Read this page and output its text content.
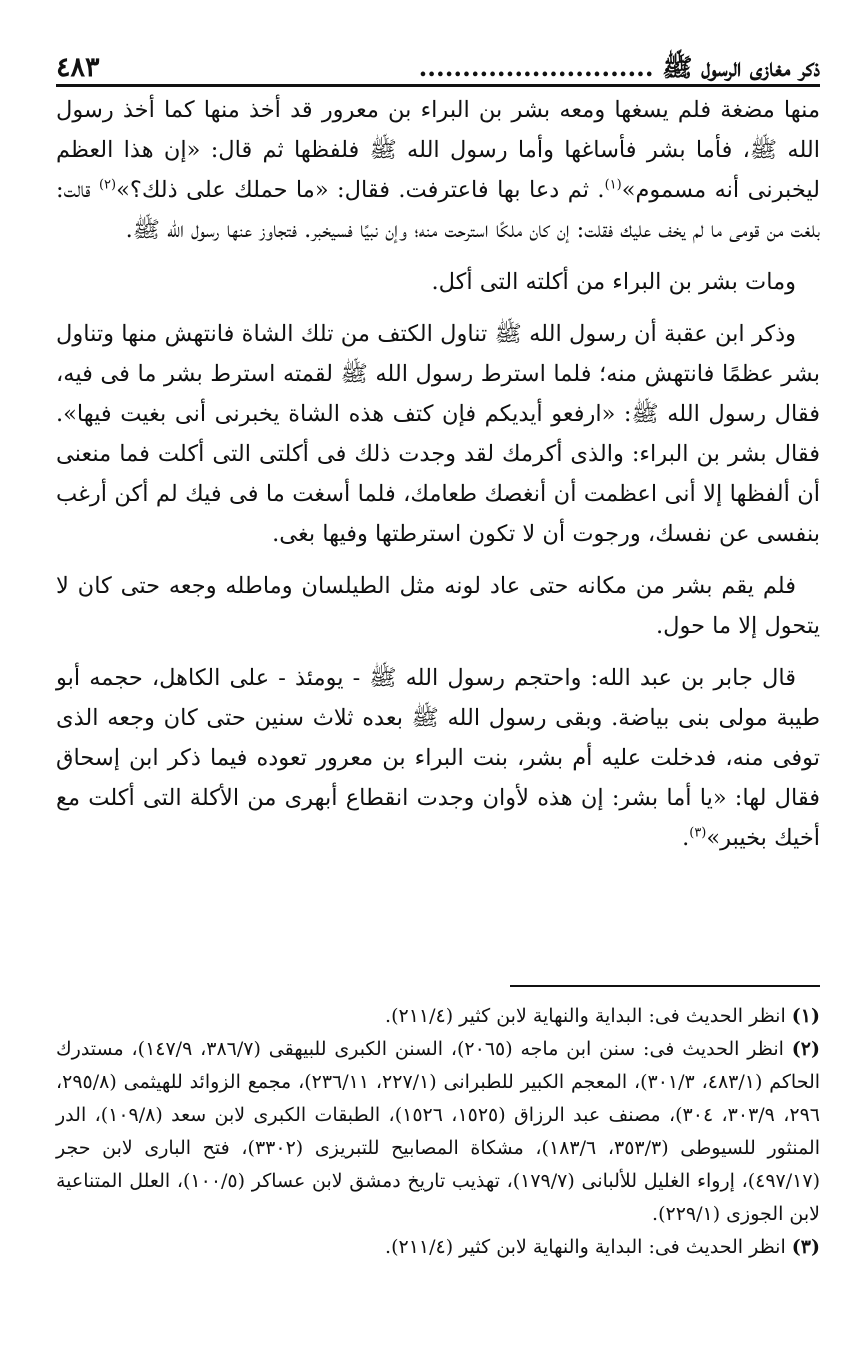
ذكر مغازى الرسول ﷺ ...........................
٤٨٣

منها مضغة فلم يسغها ومعه بشر بن البراء بن معرور قد أخذ منها كما أخذ رسول الله ﷺ، فأما بشر فأساغها وأما رسول الله ﷺ فلفظها ثم قال: «إن هذا العظم ليخبرنى أنه مسموم»$^{(١)}$. ثم دعا بها فاعترفت. فقال: «ما حملك على ذلك؟»$^{(٢)}$ قالت: بلغت من قومى ما لم يخف عليك فقلت: إن كان ملكًا استرحت منه؛ وإن نبيًا فسيخبر. فتجاوز عنها رسول الله ﷺ.

ومات بشر بن البراء من أكلته التى أكل.

وذكر ابن عقبة أن رسول الله ﷺ تناول الكتف من تلك الشاة فانتهش منها وتناول بشر عظمًا فانتهش منه؛ فلما استرط رسول الله ﷺ لقمته استرط بشر ما فى فيه، فقال رسول الله ﷺ: «ارفعو أيديكم فإن كتف هذه الشاة يخبرنى أنى بغيت فيها». فقال بشر بن البراء: والذى أكرمك لقد وجدت ذلك فى أكلتى التى أكلت فما منعنى أن ألفظها إلا أنى اعظمت أن أنغصك طعامك، فلما أسغت ما فى فيك لم أكن أرغب بنفسى عن نفسك، ورجوت أن لا تكون استرطتها وفيها بغى.

فلم يقم بشر من مكانه حتى عاد لونه مثل الطيلسان وماطله وجعه حتى كان لا يتحول إلا ما حول.

قال جابر بن عبد الله: واحتجم رسول الله ﷺ - يومئذ - على الكاهل، حجمه أبو طيبة مولى بنى بياضة. وبقى رسول الله ﷺ بعده ثلاث سنين حتى كان وجعه الذى توفى منه، فدخلت عليه أم بشر، بنت البراء بن معرور تعوده فيما ذكر ابن إسحاق فقال لها: «يا أما بشر: إن هذه لأوان وجدت انقطاع أبهرى من الأكلة التى أكلت مع أخيك بخيبر»$^{(٣)}$.

(١) انظر الحديث فى: البداية والنهاية لابن كثير (٢١١/٤).
(٢) انظر الحديث فى: سنن ابن ماجه (٢٠٦٥)، السنن الكبرى للبيهقى (٣٨٦/٧، ١٤٧/٩)، مستدرك الحاكم (٤٨٣/١، ٣٠١/٣)، المعجم الكبير للطبرانى (٢٢٧/١، ٢٣٦/١١)، مجمع الزوائد للهيثمى (٢٩٥/٨، ٢٩٦، ٣٠٣/٩، ٣٠٤)، مصنف عبد الرزاق (١٥٢٥، ١٥٢٦)، الطبقات الكبرى لابن سعد (١٠٩/٨)، الدر المنثور للسيوطى (٣٥٣/٣، ١٨٣/٦)، مشكاة المصابيح للتبريزى (٣٣٠٢)، فتح البارى لابن حجر (٤٩٧/١٧)، إرواء الغليل للألبانى (١٧٩/٧)، تهذيب تاريخ دمشق لابن عساكر (١٠٠/٥)، العلل المتناعية لابن الجوزى (٢٢٩/١).
(٣) انظر الحديث فى: البداية والنهاية لابن كثير (٢١١/٤).
